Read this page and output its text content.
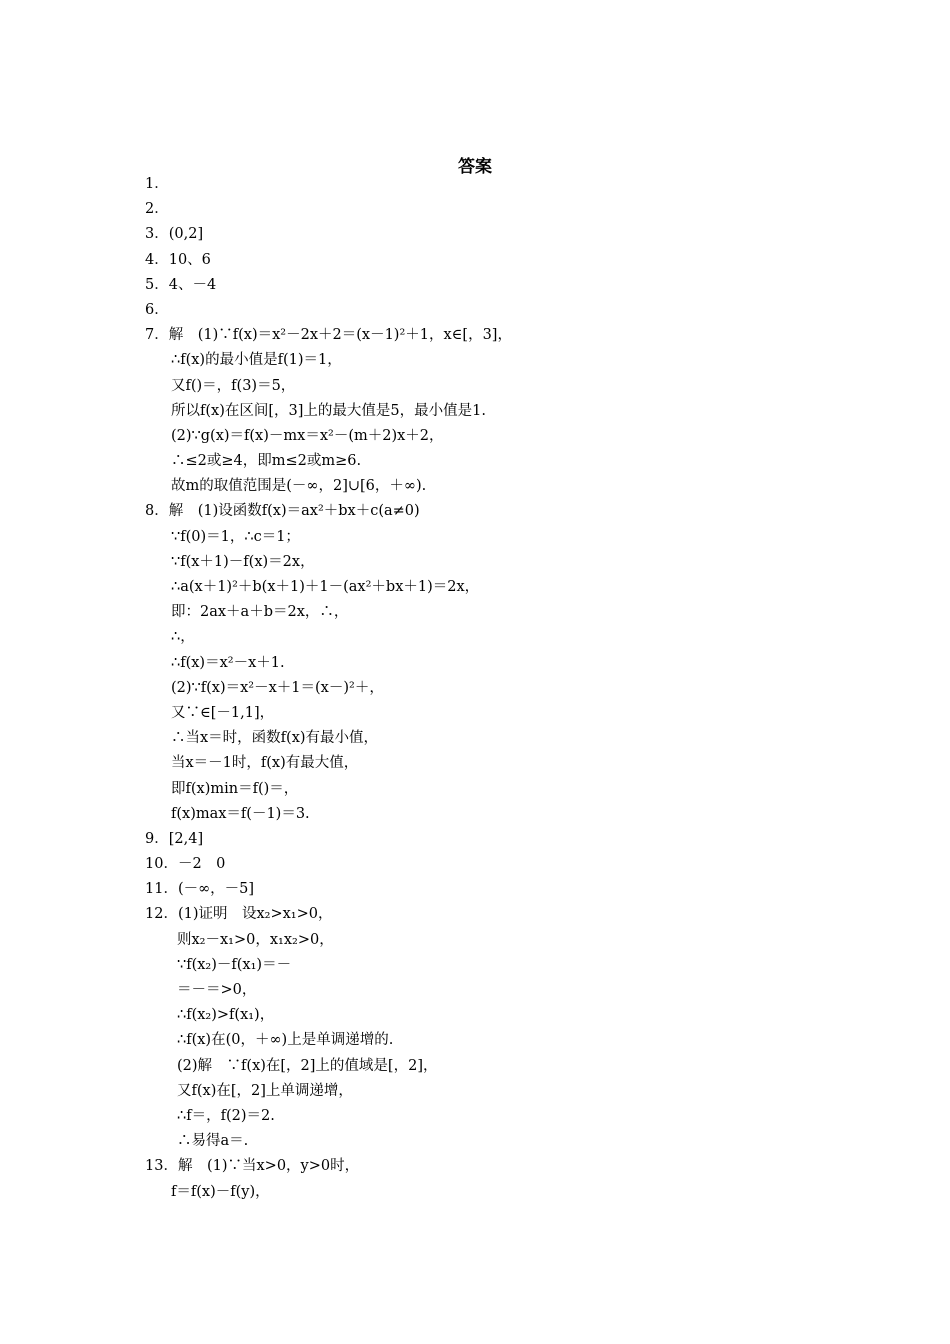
答案
1．
2．
3．(0,2]
4．10、6
5．4、－4
6．
7．解　(1)∵f(x)＝x²－2x＋2＝(x－1)²＋1，x∈[，3]，
∴f(x)的最小值是f(1)＝1，
又f()＝，f(3)＝5，
所以f(x)在区间[，3]上的最大值是5，最小值是1.
(2)∵g(x)＝f(x)－mx＝x²－(m＋2)x＋2，
∴≤2或≥4，即m≤2或m≥6.
故m的取值范围是(－∞，2]∪[6，＋∞).
8．解　(1)设函数f(x)＝ax²＋bx＋c(a≠0)
∵f(0)＝1，∴c＝1；
∵f(x＋1)－f(x)＝2x，
∴a(x＋1)²＋b(x＋1)＋1－(ax²＋bx＋1)＝2x，
即：2ax＋a＋b＝2x，∴，
∴，
∴f(x)＝x²－x＋1.
(2)∵f(x)＝x²－x＋1＝(x－)²＋，
又∵∈[－1,1]，
∴当x＝时，函数f(x)有最小值，
当x＝－1时，f(x)有最大值，
即f(x)min＝f()＝，
f(x)max＝f(－1)＝3.
9．[2,4]
10．－2　0
11．(－∞，－5]
12．(1)证明　设x₂>x₁>0，
则x₂－x₁>0，x₁x₂>0，
∵f(x₂)－f(x₁)＝－
＝－＝>0，
∴f(x₂)>f(x₁)，
∴f(x)在(0，＋∞)上是单调递增的.
(2)解　∵f(x)在[，2]上的值域是[，2]，
又f(x)在[，2]上单调递增，
∴f＝，f(2)＝2.
∴易得a＝.
13．解　(1)∵当x>0，y>0时，
f＝f(x)－f(y)，
